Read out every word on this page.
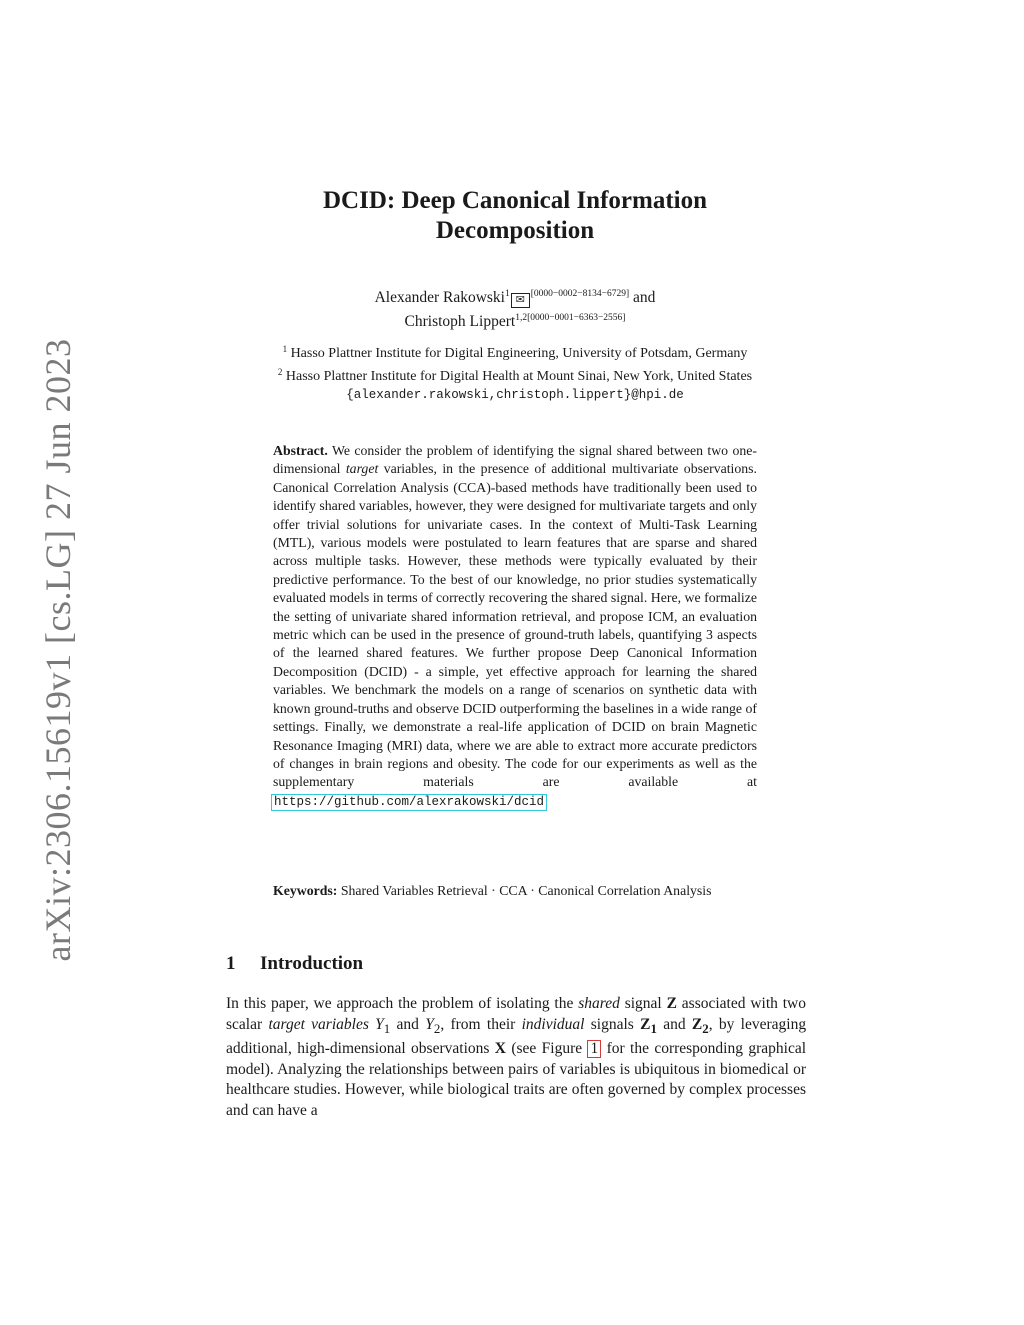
arXiv:2306.15619v1 [cs.LG] 27 Jun 2023
DCID: Deep Canonical Information
Decomposition
Alexander Rakowski$^1$ ✉ [0000−0002−8134−6729] and
Christoph Lippert$^{1,2[0000-0001-6363-2556]}$
$^1$ Hasso Plattner Institute for Digital Engineering, University of Potsdam, Germany
$^2$ Hasso Plattner Institute for Digital Health at Mount Sinai, New York, United States {alexander.rakowski,christoph.lippert}@hpi.de
Abstract. We consider the problem of identifying the signal shared between two one-dimensional target variables, in the presence of additional multivariate observations. Canonical Correlation Analysis (CCA)-based methods have traditionally been used to identify shared variables, however, they were designed for multivariate targets and only offer trivial solutions for univariate cases. In the context of Multi-Task Learning (MTL), various models were postulated to learn features that are sparse and shared across multiple tasks. However, these methods were typically evaluated by their predictive performance. To the best of our knowledge, no prior studies systematically evaluated models in terms of correctly recovering the shared signal. Here, we formalize the setting of univariate shared information retrieval, and propose ICM, an evaluation metric which can be used in the presence of ground-truth labels, quantifying 3 aspects of the learned shared features. We further propose Deep Canonical Information Decomposition (DCID) - a simple, yet effective approach for learning the shared variables. We benchmark the models on a range of scenarios on synthetic data with known ground-truths and observe DCID outperforming the baselines in a wide range of settings. Finally, we demonstrate a real-life application of DCID on brain Magnetic Resonance Imaging (MRI) data, where we are able to extract more accurate predictors of changes in brain regions and obesity. The code for our experiments as well as the supplementary materials are available at https://github.com/alexrakowski/dcid
Keywords: Shared Variables Retrieval · CCA · Canonical Correlation Analysis
1 Introduction
In this paper, we approach the problem of isolating the shared signal Z associated with two scalar target variables $Y_1$ and $Y_2$, from their individual signals $Z_1$ and $Z_2$, by leveraging additional, high-dimensional observations X (see Figure 1 for the corresponding graphical model). Analyzing the relationships between pairs of variables is ubiquitous in biomedical or healthcare studies. However, while biological traits are often governed by complex processes and can have a
